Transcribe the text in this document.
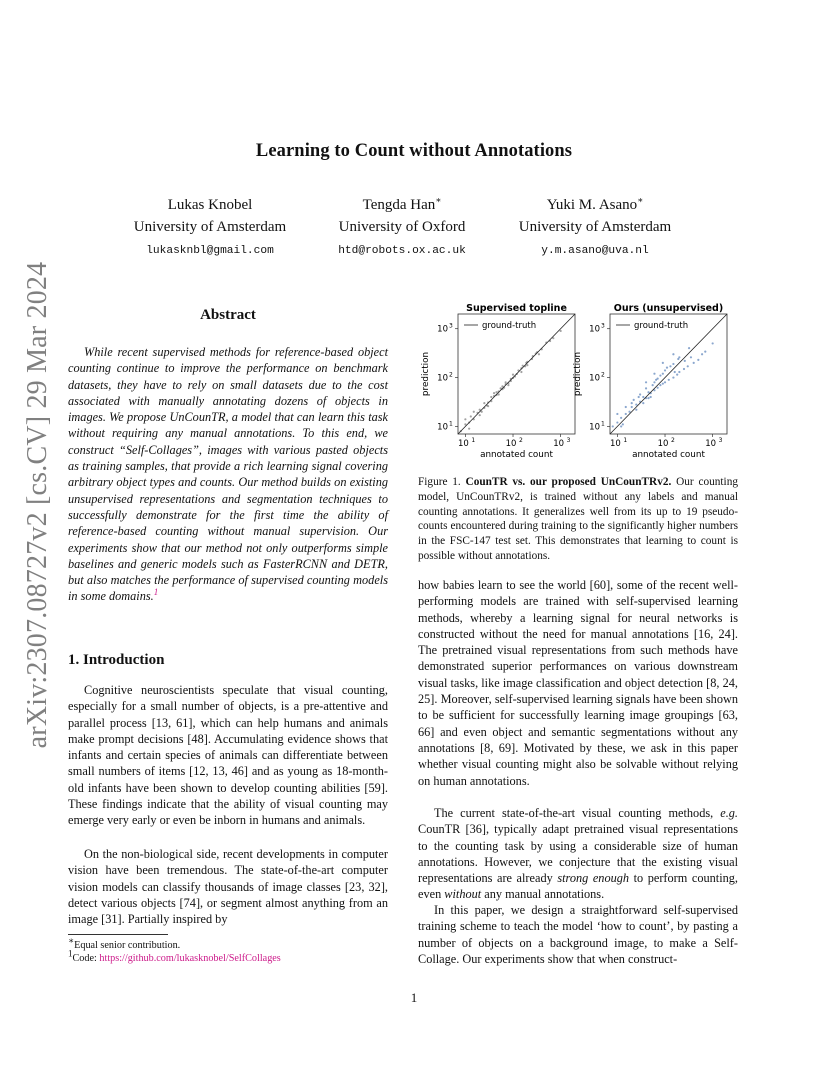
Learning to Count without Annotations
Lukas Knobel
University of Amsterdam
lukasknbl@gmail.com
Tengda Han∗
University of Oxford
htd@robots.ox.ac.uk
Yuki M. Asano∗
University of Amsterdam
y.m.asano@uva.nl
arXiv:2307.08727v2 [cs.CV] 29 Mar 2024	Abstract

While recent supervised methods for reference-based object counting continue to improve the performance on benchmark datasets, they have to rely on small datasets due to the cost associated with manually annotating dozens of objects in images. We propose UnCounTR, a model that can learn this task without requiring any manual annotations. To this end, we construct “Self-Collages”, images with various pasted objects as training samples, that provide a rich learning signal covering arbitrary object types and counts. Our method builds on existing unsupervised representations and segmentation techniques to successfully demonstrate for the first time the ability of reference-based counting without manual supervision. Our experiments show that our method not only outperforms simple baselines and generic models such as FasterRCNN and DETR, but also matches the performance of supervised counting models in some domains.$^1$

1. Introduction

Cognitive neuroscientists speculate that visual counting, especially for a small number of objects, is a pre-attentive and parallel process [13, 61], which can help humans and animals make prompt decisions [48]. Accumulating evidence shows that infants and certain species of animals can differentiate between small numbers of items [12, 13, 46] and as young as 18-month-old infants have been shown to develop counting abilities [59]. These findings indicate that the ability of visual counting may emerge very early or even be inborn in humans and animals.

On the non-biological side, recent developments in computer vision have been tremendous. The state-of-the-art computer vision models can classify thousands of image classes [23, 32], detect various objects [74], or segment almost anything from an image [31]. Partially inspired by

∗Equal senior contribution.
1Code: https://github.com/lukasknobel/SelfCollages
Supervised topline
ground-truth
10 1
10 1
10 2
10 2
10 3
10 3
annotated count
prediction
Ours (unsupervised)
ground-truth
10 1
10 1
10 2
10 2
10 3
10 3
annotated count
prediction

Figure 1. CounTR vs. our proposed UnCounTRv2. Our counting model, UnCounTRv2, is trained without any labels and manual counting annotations. It generalizes well from its up to 19 pseudo-counts encountered during training to the significantly higher numbers in the FSC-147 test set. This demonstrates that learning to count is possible without annotations.

how babies learn to see the world [60], some of the recent well-performing models are trained with self-supervised learning methods, whereby a learning signal for neural networks is constructed without the need for manual annotations [16, 24]. The pretrained visual representations from such methods have demonstrated superior performances on various downstream visual tasks, like image classification and object detection [8, 24, 25]. Moreover, self-supervised learning signals have been shown to be sufficient for successfully learning image groupings [63, 66] and even object and semantic segmentations without any annotations [8, 69]. Motivated by these, we ask in this paper whether visual counting might also be solvable without relying on human annotations.

The current state-of-the-art visual counting methods, e.g. CounTR [36], typically adapt pretrained visual representations to the counting task by using a considerable size of human annotations. However, we conjecture that the existing visual representations are already strong enough to perform counting, even without any manual annotations.

In this paper, we design a straightforward self-supervised training scheme to teach the model ‘how to count’, by pasting a number of objects on a background image, to make a Self-Collage. Our experiments show that when construct-

1
